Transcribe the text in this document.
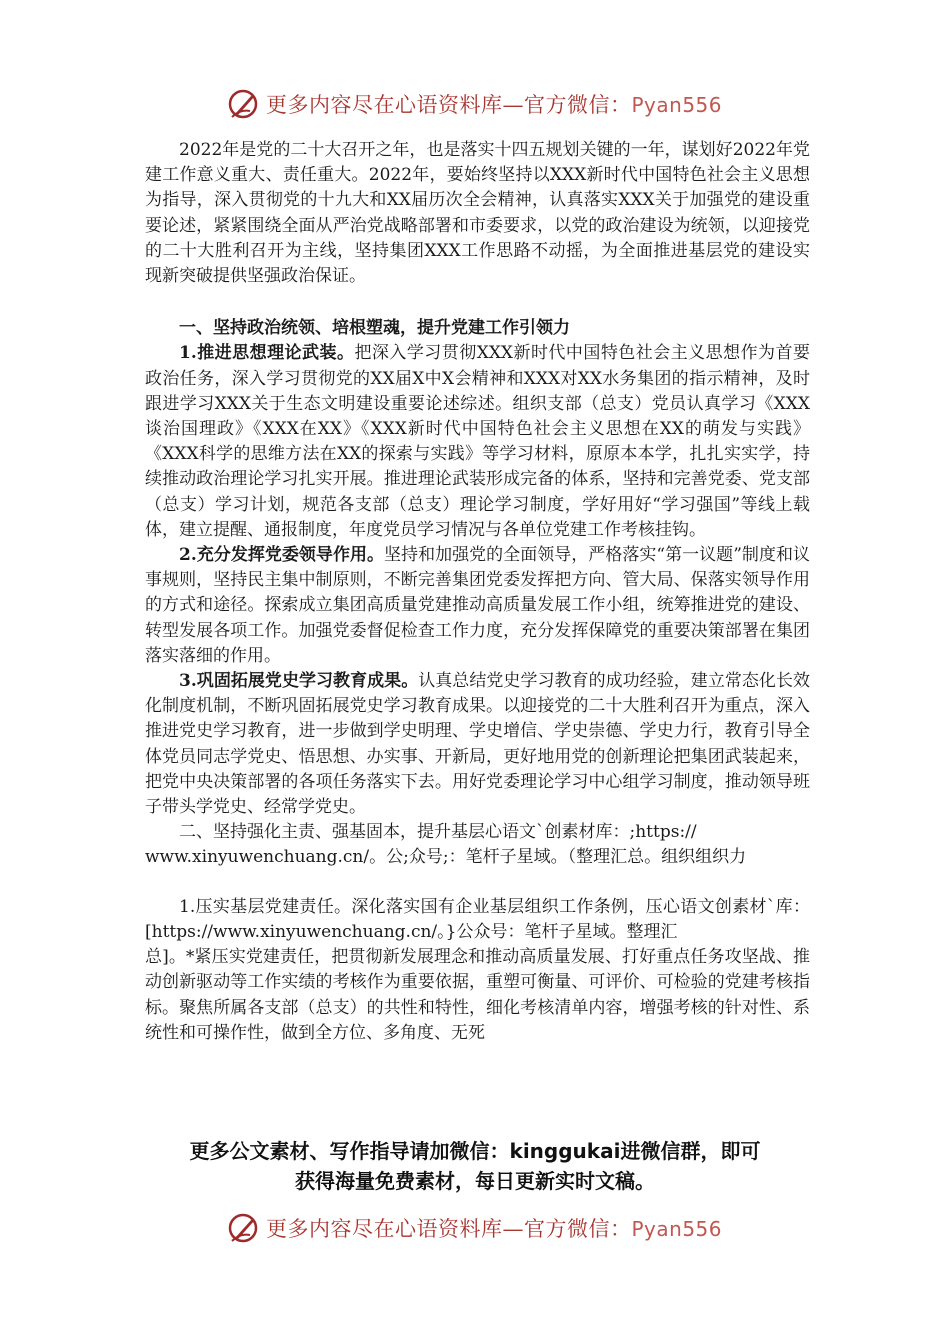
更多内容尽在心语资料库—官方微信：Pyan556

2022年是党的二十大召开之年，也是落实十四五规划关键的一年，谋划好2022年党建工作意义重大、责任重大。2022年，要始终坚持以XXX新时代中国特色社会主义思想为指导，深入贯彻党的十九大和XX届历次全会精神，认真落实XXX关于加强党的建设重要论述，紧紧围绕全面从严治党战略部署和市委要求，以党的政治建设为统领，以迎接党的二十大胜利召开为主线，坚持集团XXX工作思路不动摇，为全面推进基层党的建设实现新突破提供坚强政治保证。

一、坚持政治统领、培根塑魂，提升党建工作引领力

1.推进思想理论武装。把深入学习贯彻XXX新时代中国特色社会主义思想作为首要政治任务，深入学习贯彻党的XX届X中X会精神和XXX对XX水务集团的指示精神，及时跟进学习XXX关于生态文明建设重要论述综述。组织支部（总支）党员认真学习《XXX谈治国理政》《XXX在XX》《XXX新时代中国特色社会主义思想在XX的萌发与实践》《XXX科学的思维方法在XX的探索与实践》等学习材料，原原本本学，扎扎实实学，持续推动政治理论学习扎实开展。推进理论武装形成完备的体系，坚持和完善党委、党支部（总支）学习计划，规范各支部（总支）理论学习制度，学好用好“学习强国”等线上载体，建立提醒、通报制度，年度党员学习情况与各单位党建工作考核挂钩。

2.充分发挥党委领导作用。坚持和加强党的全面领导，严格落实“第一议题”制度和议事规则，坚持民主集中制原则，不断完善集团党委发挥把方向、管大局、保落实领导作用的方式和途径。探索成立集团高质量党建推动高质量发展工作小组，统筹推进党的建设、转型发展各项工作。加强党委督促检查工作力度，充分发挥保障党的重要决策部署在集团落实落细的作用。

3.巩固拓展党史学习教育成果。认真总结党史学习教育的成功经验，建立常态化长效化制度机制，不断巩固拓展党史学习教育成果。以迎接党的二十大胜利召开为重点，深入推进党史学习教育，进一步做到学史明理、学史增信、学史崇德、学史力行，教育引导全体党员同志学党史、悟思想、办实事、开新局，更好地用党的创新理论把集团武装起来，把党中央决策部署的各项任务落实下去。用好党委理论学习中心组学习制度，推动领导班子带头学党史、经常学党史。

二、坚持强化主责、强基固本，提升基层心语文`创素材库：;https://

www.xinyuwenchuang.cn/。公;众号;：笔杆子星域。（整理汇总。组织组织力

1.压实基层党建责任。深化落实国有企业基层组织工作条例，压心语文创素材`库：[https://www.xinyuwenchuang.cn/。}公众号：笔杆子星域。整理汇

总]。*紧压实党建责任，把贯彻新发展理念和推动高质量发展、打好重点任务攻坚战、推动创新驱动等工作实绩的考核作为重要依据，重塑可衡量、可评价、可检验的党建考核指标。聚焦所属各支部（总支）的共性和特性，细化考核清单内容，增强考核的针对性、系统性和可操作性，做到全方位、多角度、无死

更多公文素材、写作指导请加微信：kinggukai进微信群，即可
获得海量免费素材，每日更新实时文稿。
更多内容尽在心语资料库—官方微信：Pyan556
